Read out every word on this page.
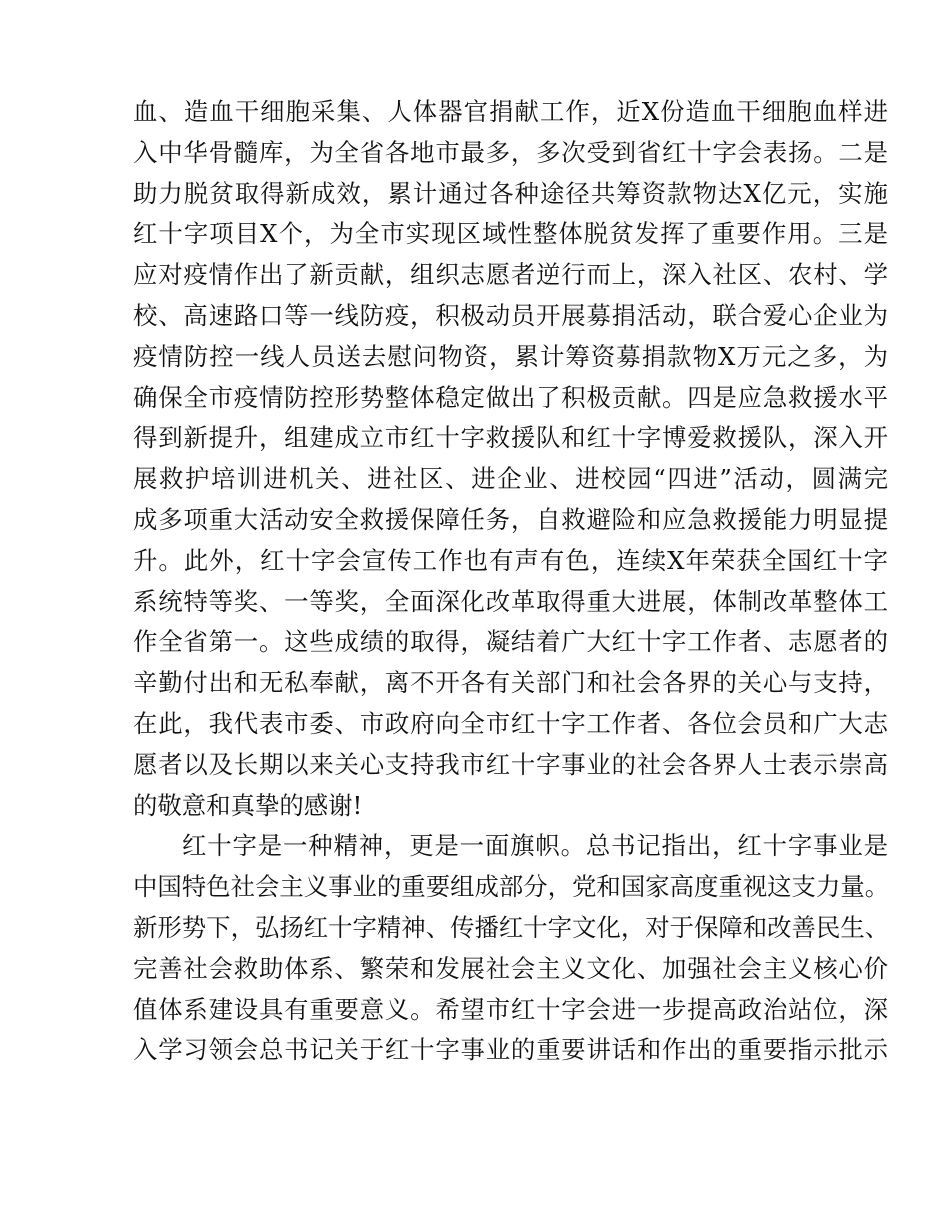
血、造血干细胞采集、人体器官捐献工作，近X份造血干细胞血样进
入中华骨髓库，为全省各地市最多，多次受到省红十字会表扬。二是
助力脱贫取得新成效，累计通过各种途径共筹资款物达X亿元，实施
红十字项目X个，为全市实现区域性整体脱贫发挥了重要作用。三是
应对疫情作出了新贡献，组织志愿者逆行而上，深入社区、农村、学
校、高速路口等一线防疫，积极动员开展募捐活动，联合爱心企业为
疫情防控一线人员送去慰问物资，累计筹资募捐款物X万元之多，为
确保全市疫情防控形势整体稳定做出了积极贡献。四是应急救援水平
得到新提升，组建成立市红十字救援队和红十字博爱救援队，深入开
展救护培训进机关、进社区、进企业、进校园“四进”活动，圆满完
成多项重大活动安全救援保障任务，自救避险和应急救援能力明显提
升。此外，红十字会宣传工作也有声有色，连续X年荣获全国红十字
系统特等奖、一等奖，全面深化改革取得重大进展，体制改革整体工
作全省第一。这些成绩的取得，凝结着广大红十字工作者、志愿者的
辛勤付出和无私奉献，离不开各有关部门和社会各界的关心与支持，
在此，我代表市委、市政府向全市红十字工作者、各位会员和广大志
愿者以及长期以来关心支持我市红十字事业的社会各界人士表示崇高
的敬意和真挚的感谢!
红十字是一种精神，更是一面旗帜。总书记指出，红十字事业是
中国特色社会主义事业的重要组成部分，党和国家高度重视这支力量。
新形势下，弘扬红十字精神、传播红十字文化，对于保障和改善民生、
完善社会救助体系、繁荣和发展社会主义文化、加强社会主义核心价
值体系建设具有重要意义。希望市红十字会进一步提高政治站位，深
入学习领会总书记关于红十字事业的重要讲话和作出的重要指示批示
